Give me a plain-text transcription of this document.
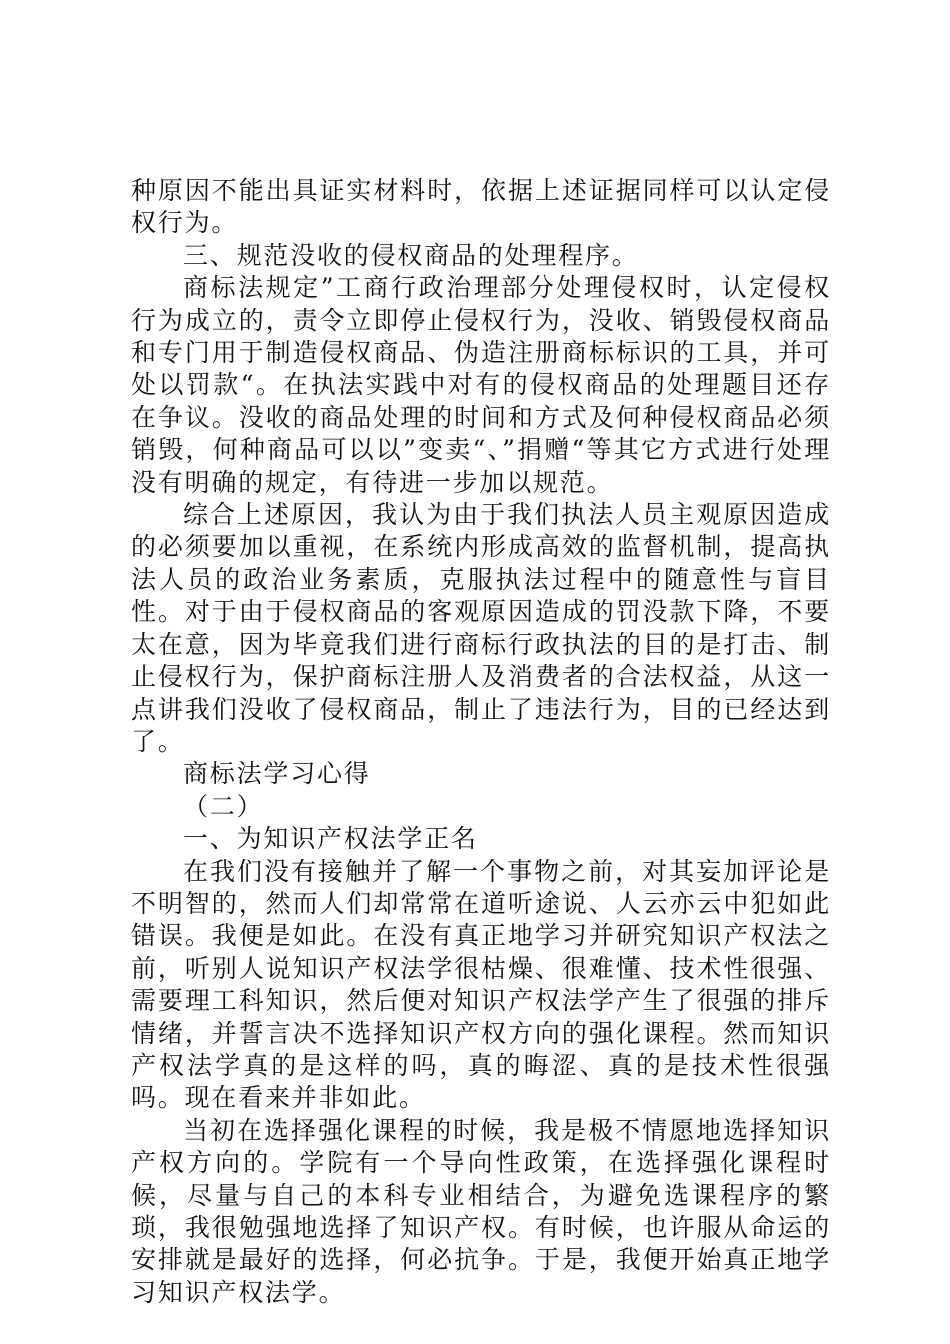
种原因不能出具证实材料时，依据上述证据同样可以认定侵权行为。

三、规范没收的侵权商品的处理程序。

商标法规定”工商行政治理部分处理侵权时，认定侵权行为成立的，责令立即停止侵权行为，没收、销毁侵权商品和专门用于制造侵权商品、伪造注册商标标识的工具，并可处以罚款“。在执法实践中对有的侵权商品的处理题目还存在争议。没收的商品处理的时间和方式及何种侵权商品必须销毁，何种商品可以以”变卖“、”捐赠“等其它方式进行处理没有明确的规定，有待进一步加以规范。

综合上述原因，我认为由于我们执法人员主观原因造成的必须要加以重视，在系统内形成高效的监督机制，提高执法人员的政治业务素质，克服执法过程中的随意性与盲目性。对于由于侵权商品的客观原因造成的罚没款下降，不要太在意，因为毕竟我们进行商标行政执法的目的是打击、制止侵权行为，保护商标注册人及消费者的合法权益，从这一点讲我们没收了侵权商品，制止了违法行为，目的已经达到了。

商标法学习心得

（二）

一、为知识产权法学正名

在我们没有接触并了解一个事物之前，对其妄加评论是不明智的，然而人们却常常在道听途说、人云亦云中犯如此错误。我便是如此。在没有真正地学习并研究知识产权法之前，听别人说知识产权法学很枯燥、很难懂、技术性很强、需要理工科知识，然后便对知识产权法学产生了很强的排斥情绪，并誓言决不选择知识产权方向的强化课程。然而知识产权法学真的是这样的吗，真的晦涩、真的是技术性很强吗。现在看来并非如此。

当初在选择强化课程的时候，我是极不情愿地选择知识产权方向的。学院有一个导向性政策，在选择强化课程时候，尽量与自己的本科专业相结合，为避免选课程序的繁琐，我很勉强地选择了知识产权。有时候，也许服从命运的安排就是最好的选择，何必抗争。于是，我便开始真正地学习知识产权法学。
